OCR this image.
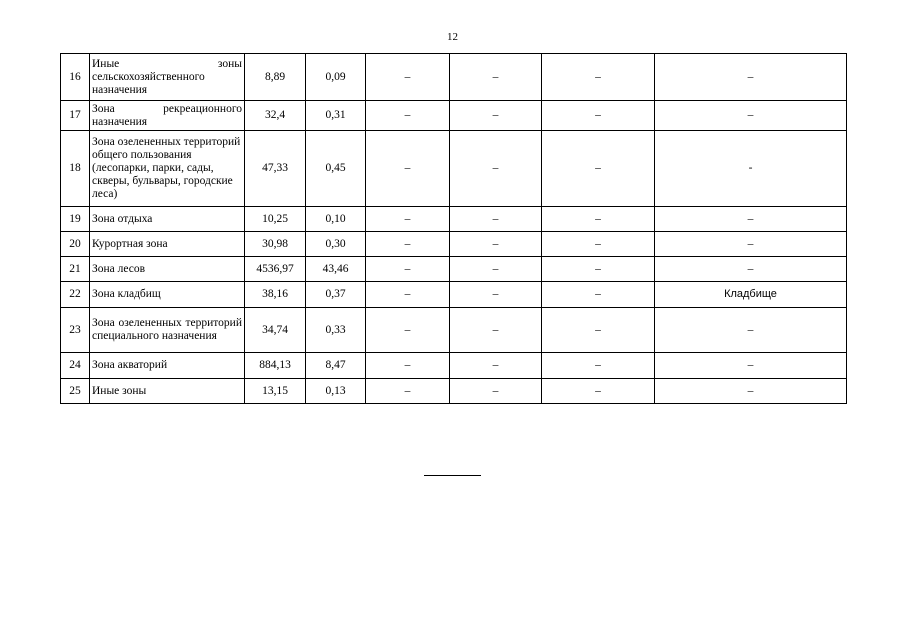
12
16	Иные зоны сельскохозяйственного назначения	8,89	0,09	–	–	–	–
17	Зона рекреационного назначения	32,4	0,31	–	–	–	–
18	Зона озелененных территорий общего пользования (лесопарки, парки, сады, скверы, бульвары, городские леса)	47,33	0,45	–	–	–	-
19	Зона отдыха	10,25	0,10	–	–	–	–
20	Курортная зона	30,98	0,30	–	–	–	–
21	Зона лесов	4536,97	43,46	–	–	–	–
22	Зона кладбищ	38,16	0,37	–	–	–	Кладбище
23	Зона озелененных территорий специального назначения	34,74	0,33	–	–	–	–
24	Зона акваторий	884,13	8,47	–	–	–	–
25	Иные зоны	13,15	0,13	–	–	–	–
